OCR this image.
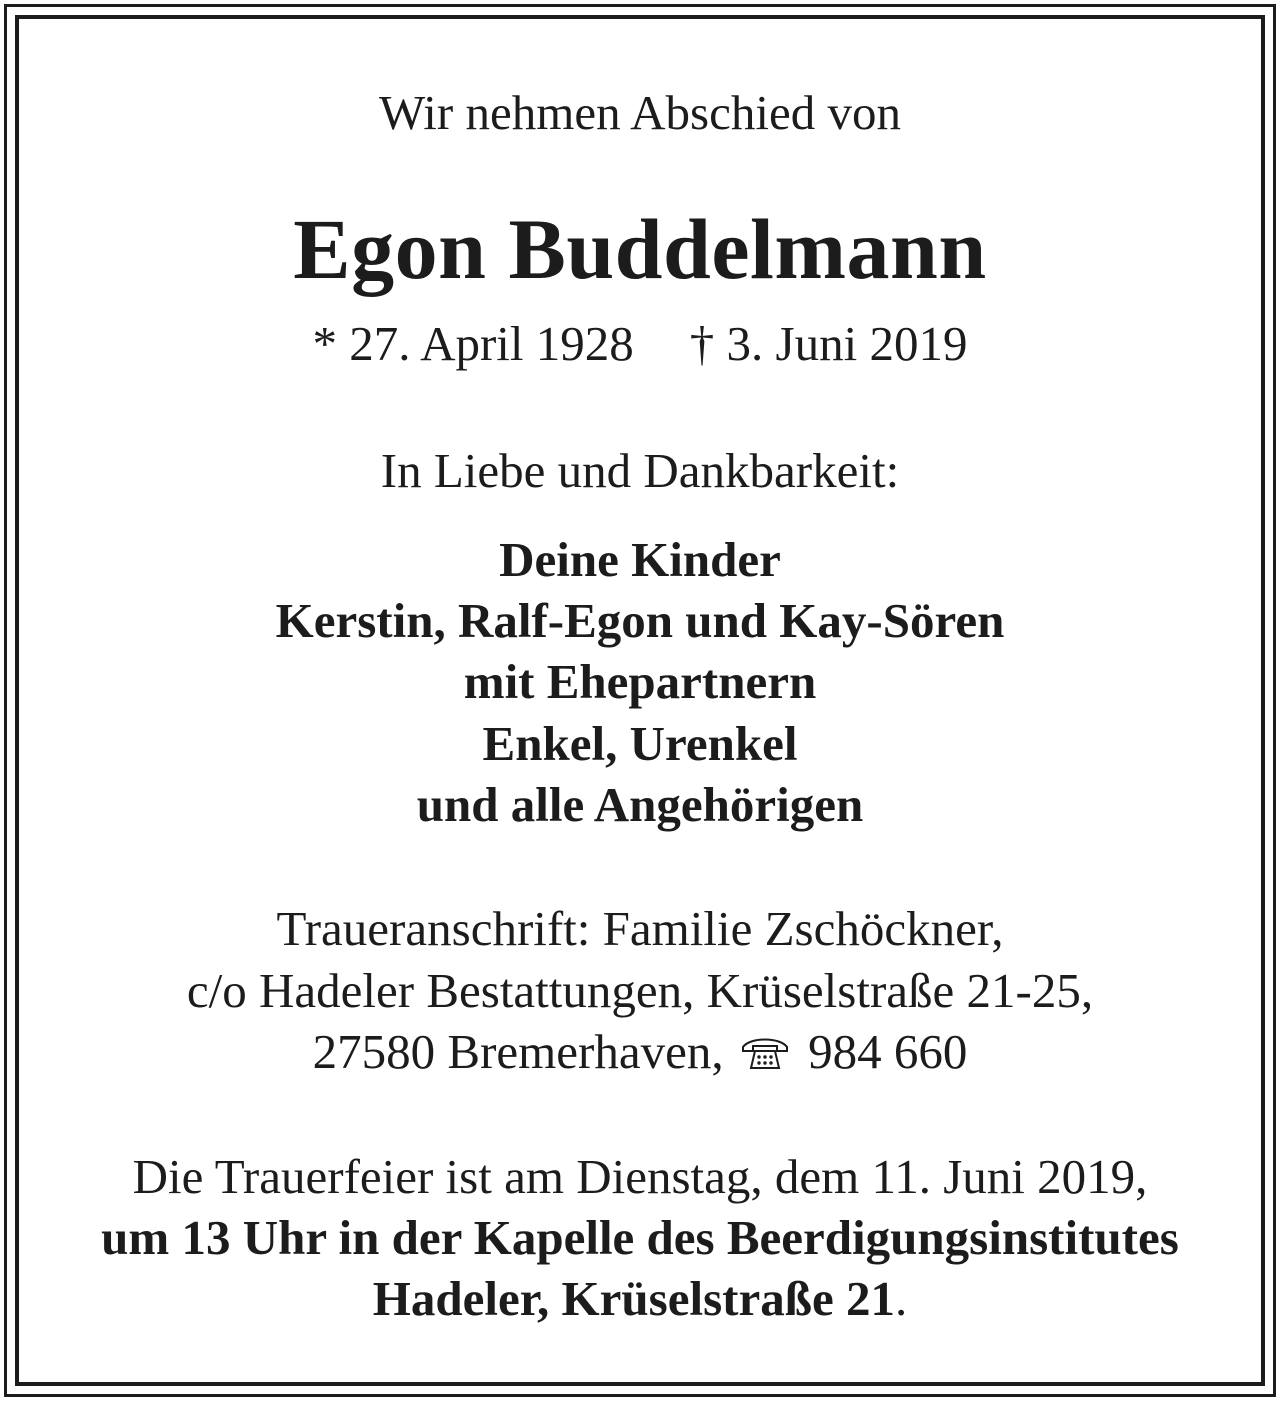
Wir nehmen Abschied von
Egon Buddelmann
* 27. April 1928 † 3. Juni 2019
In Liebe und Dankbarkeit:
Deine Kinder
Kerstin, Ralf-Egon und Kay-Sören
mit Ehepartnern
Enkel, Urenkel
und alle Angehörigen
Traueranschrift: Familie Zschöckner,
c/o Hadeler Bestattungen, Krüselstraße 21-25,
27580 Bremerhaven, 984 660
Die Trauerfeier ist am Dienstag, dem 11. Juni 2019,
um 13 Uhr in der Kapelle des Beerdigungsinstitutes
Hadeler, Krüselstraße 21.
